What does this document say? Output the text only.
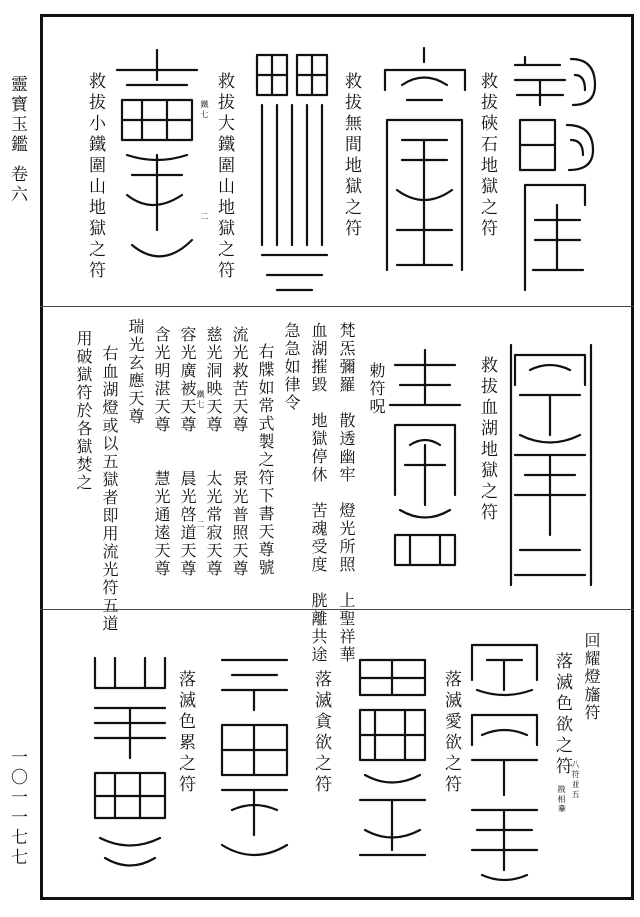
靈寶玉鑑
卷六
一〇一一七七
救拔硤石地獄之符
救拔無間地獄之符
救拔大鐵圍山地獄之符
救拔小鐵圍山地獄之符	二
鐵七
救拔血湖地獄之符
勅符呪
梵炁彌羅　散透幽牢　燈光所照　上聖祥華
血湖摧毀　地獄停休　苦魂受度　胱離共途
急急如律令
右牒如常式製之符下書天尊號
流光救苦天尊　　景光普照天尊
慈光洞映天尊　　太光常寂天尊
容光廣被天尊　　晨光啓道天尊
含光明湛天尊　　慧光通逺天尊
瑞光玄應天尊
右血湖燈或以五獄者即用流光符五道
用破獄符於各獄焚之	鐵七
二
回耀燈旛符
落滅色欲之符
落滅愛欲之符
落滅貪欲之符
落滅色累之符	八符並五
戡相𦍒
